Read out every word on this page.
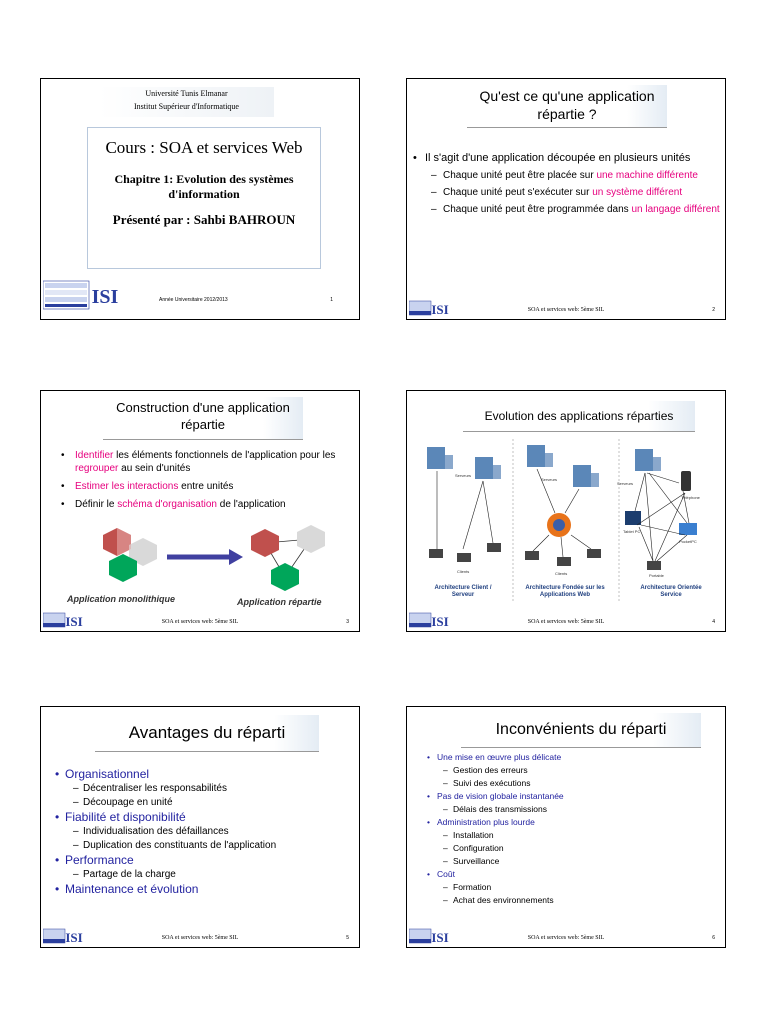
Université Tunis Elmanar
Institut Supérieur d'Informatique
Cours : SOA et services Web
Chapitre 1: Evolution des systèmes d'information
Présenté par : Sahbi BAHROUN
ISI	Année Universitaire 2012/2013	1
Qu'est ce qu'une application répartie ?
• Il s'agit d'une application découpée en plusieurs unités
– Chaque unité peut être placée sur une machine différente
– Chaque unité peut s'exécuter sur un système différent
– Chaque unité peut être programmée dans un langage différent
ISI	SOA et services web: 5ème SIL	2
Construction d'une application répartie
• Identifier les éléments fonctionnels de l'application pour les regrouper au sein d'unités
• Estimer les interactions entre unités
• Définir le schéma d'organisation de l'application
Application monolithique	Application répartie
ISI	SOA et services web: 5ème SIL	3
Evolution des applications réparties
Serveurs
Clients
Serveurs
Clients
Serveurs
Téléphone
Tablet PC
PocketPC
Portable
Architecture Client / Serveur
Architecture Fondée sur les Applications Web
Architecture Orientée Service
ISI	SOA et services web: 5ème SIL	4
Avantages du réparti
• Organisationnel
– Décentraliser les responsabilités
– Découpage en unité
• Fiabilité et disponibilité
– Individualisation des défaillances
– Duplication des constituants de l'application
• Performance
– Partage de la charge
• Maintenance et évolution
ISI	SOA et services web: 5ème SIL	5
Inconvénients du réparti
• Une mise en œuvre plus délicate
– Gestion des erreurs
– Suivi des exécutions
• Pas de vision globale instantanée
– Délais des transmissions
• Administration plus lourde
– Installation
– Configuration
– Surveillance
• Coût
– Formation
– Achat des environnements
ISI	SOA et services web: 5ème SIL	6
